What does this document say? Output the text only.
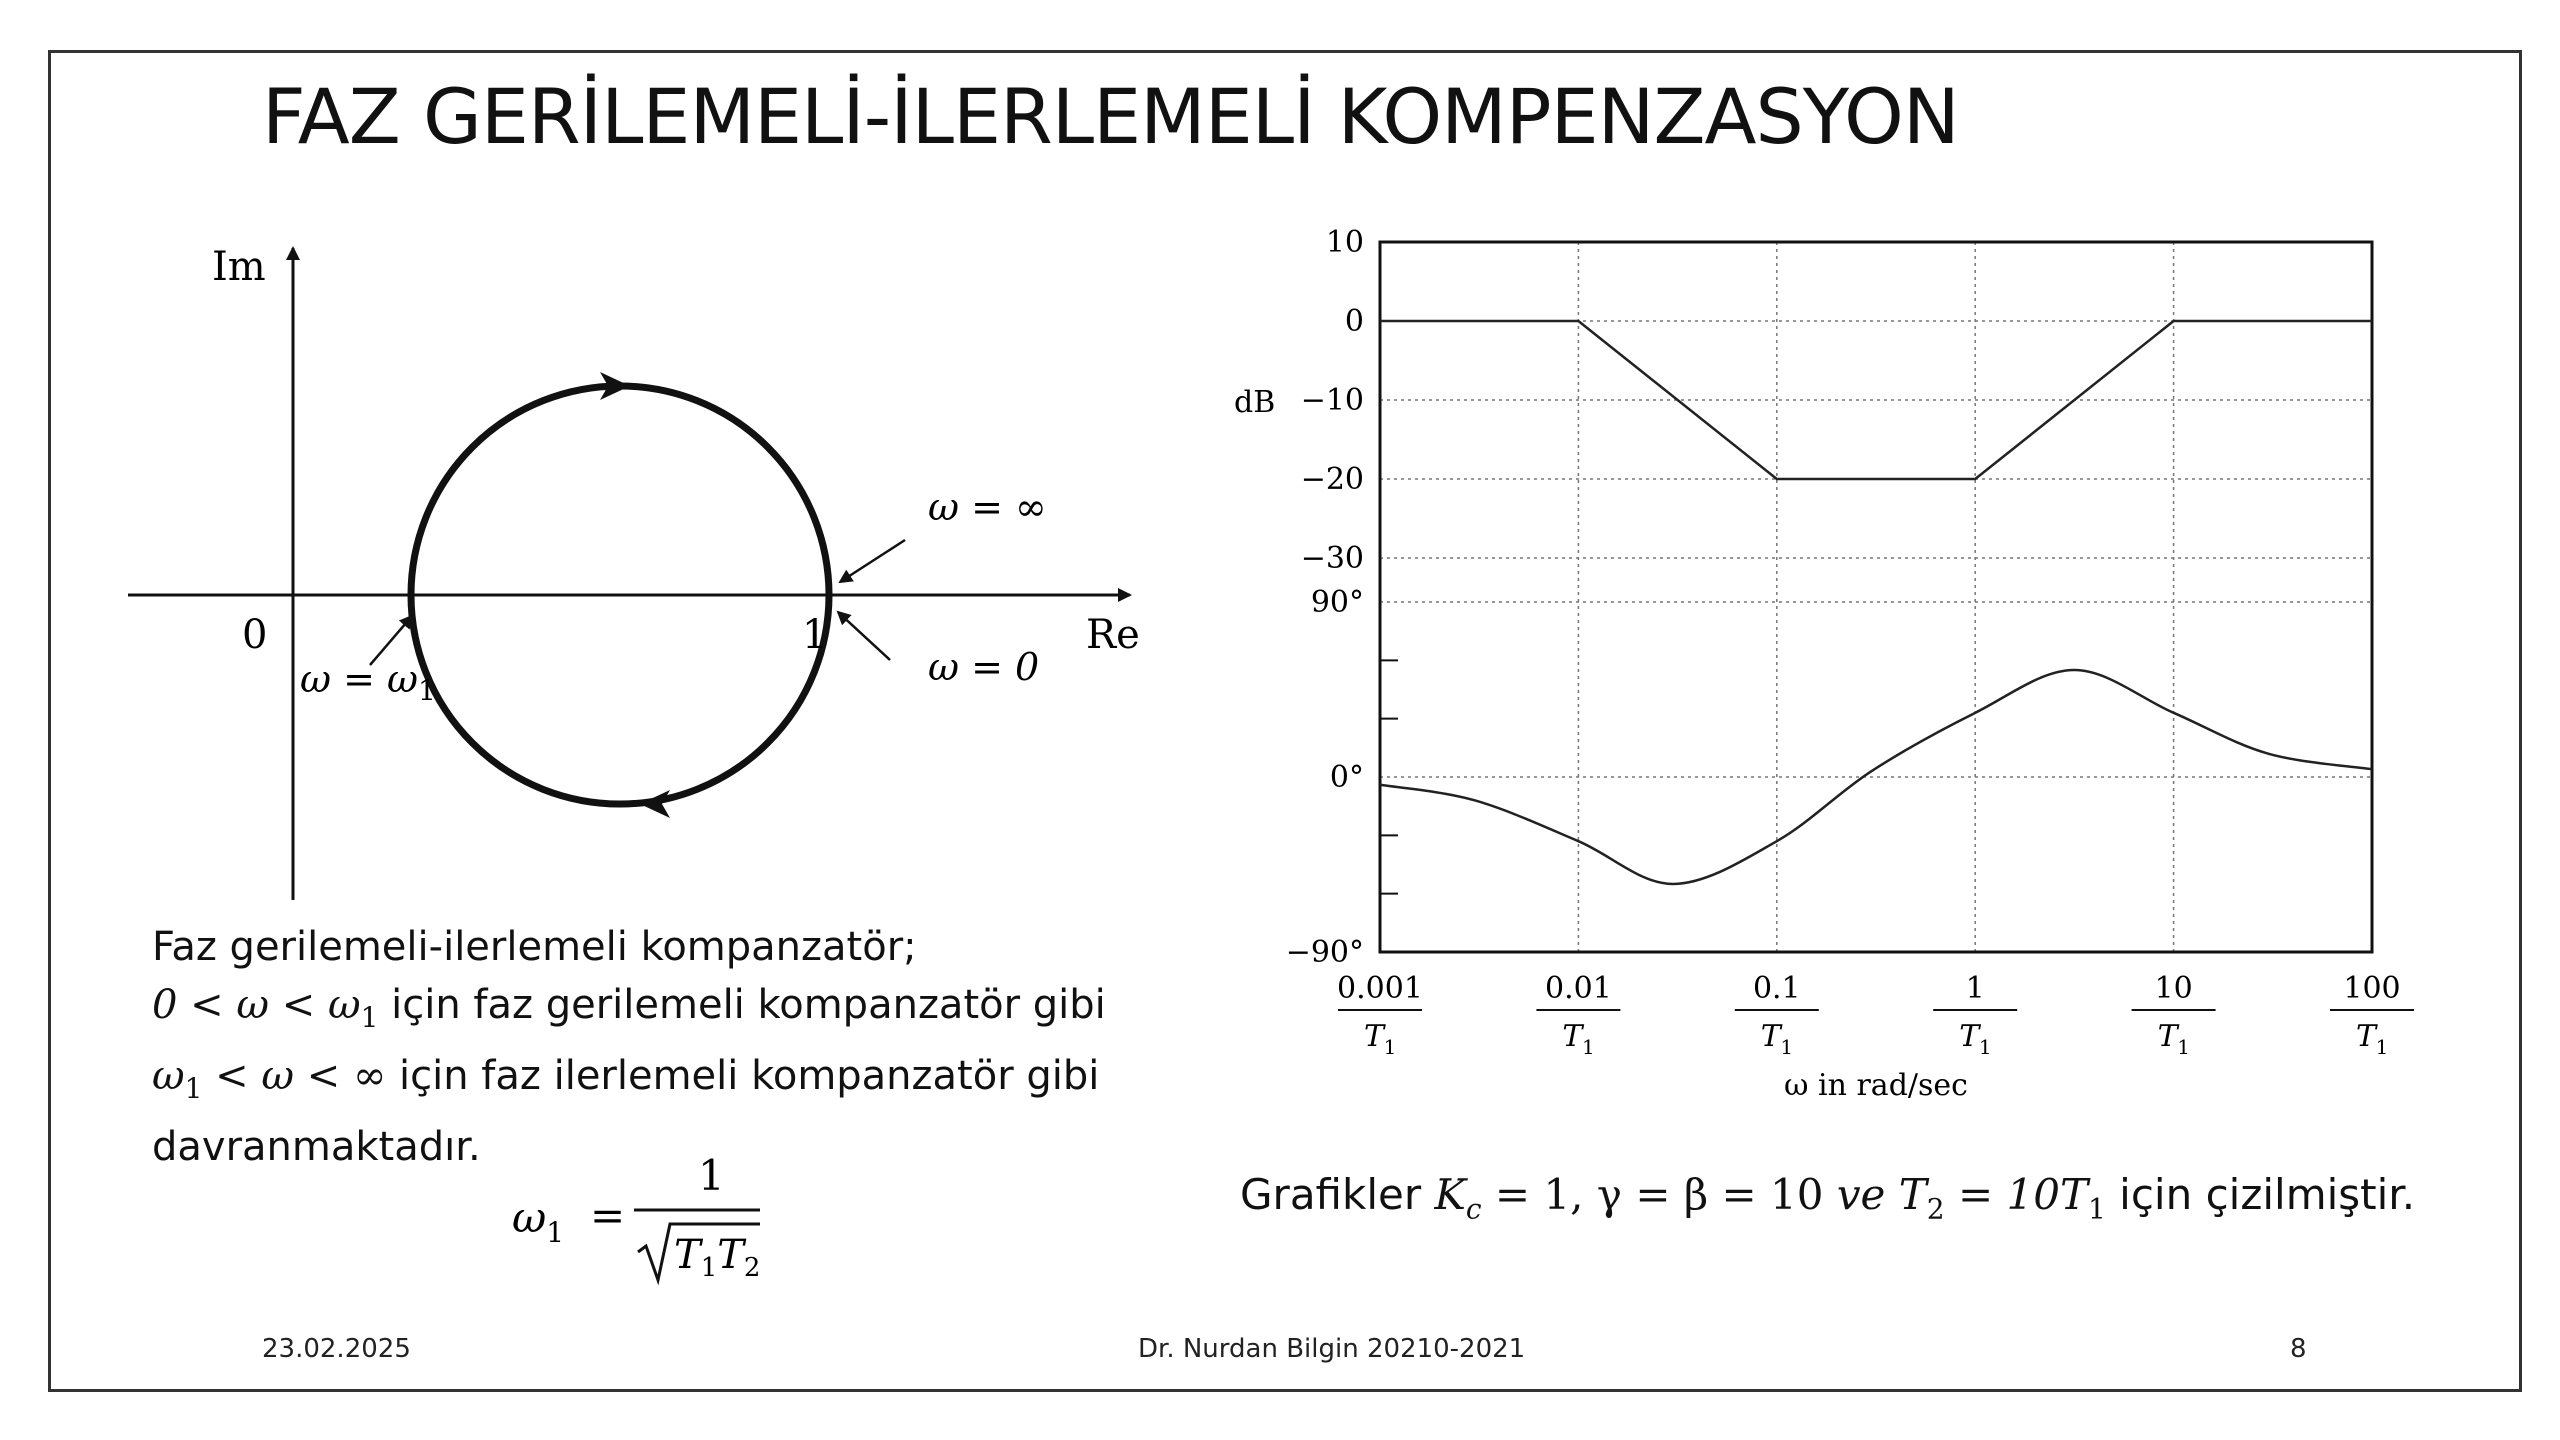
FAZ GERİLEMELİ-İLERLEMELİ KOMPENZASYON
Im
Re
0	1
ω = ∞
ω = 0
$\omega = \omega_1$
10
0
−10
−20
−30
90°
0°
−90°
0.001
T 1
0.01
T 1
0.1
T 1
1
T 1
10
T 1
100
T 1
dB
ω in rad/sec
Faz gerilemeli-ilerlemeli kompanzatör;
$0 < \omega < \omega_1$ için faz gerilemeli kompanzatör gibi
$\omega_1 < \omega$ < ∞ için faz ilerlemeli kompanzatör gibi
davranmaktadır.
$\omega_1$ =
1
$T_1T_2$
Grafikler $K_c = 1$, γ = β = 10 ve $T_2 = 10T_1$ için çizilmiştir.
23.02.2025	Dr. Nurdan Bilgin 20210-2021	8
